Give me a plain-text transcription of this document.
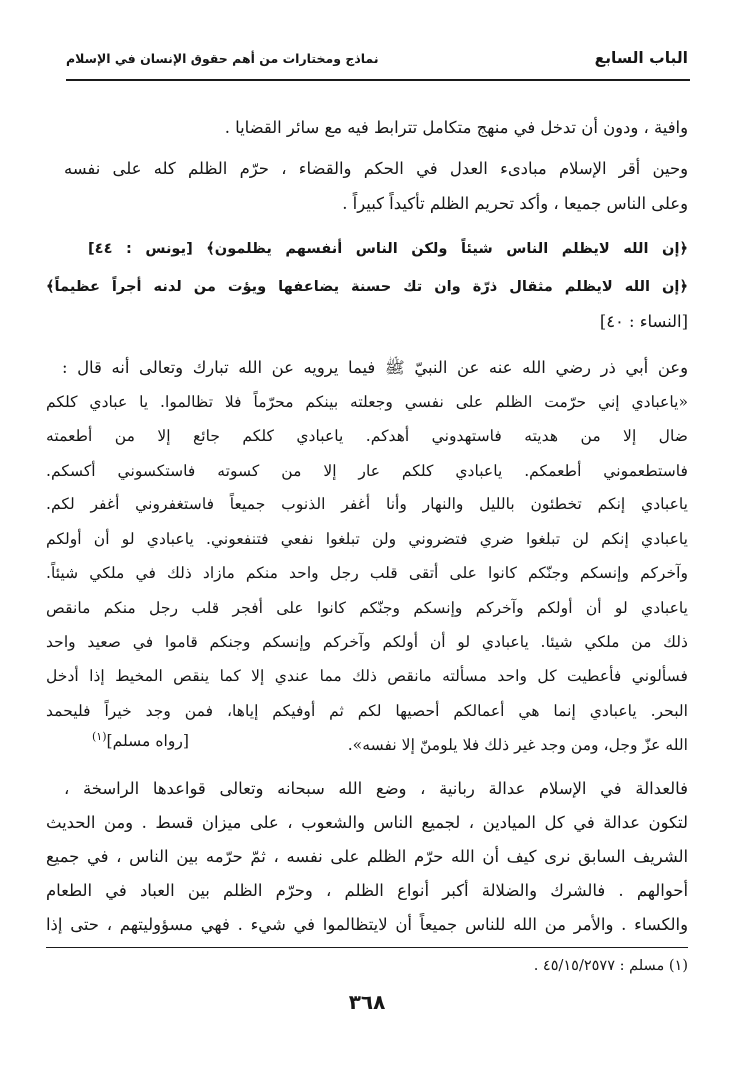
الباب السابع
نماذج ومختارات من أهم حقوق الإنسان في الإسلام
وافية ، ودون أن تدخل في منهج متكامل تترابط فيه مع سائر القضايا .
وحين أقر الإسلام مبادىء العدل في الحكم والقضاء ، حرّم الظلم كله على نفسه
وعلى الناس جميعا ، وأكد تحريم الظلم تأكيداً كبيراً .
﴿إن الله لايظلم الناس شيئاً ولكن الناس أنفسهم يظلمون﴾ [يونس : ٤٤]
﴿إن الله لايظلم مثقال ذرّة وان تك حسنة يضاعفها ويؤت من لدنه أجراً عظيماً﴾
[النساء : ٤٠]
وعن أبي ذر رضي الله عنه عن النبيّ ﷺ فيما يرويه عن الله تبارك وتعالى أنه قال :
«ياعبادي إني حرّمت الظلم على نفسي وجعلته بينكم محرّماً فلا تظالموا. يا عبادي كلكم
ضال إلا من هديته فاستهدوني أهدكم. ياعبادي كلكم جائع إلا من أطعمته
فاستطعموني أطعمكم. ياعبادي كلكم عار إلا من كسوته فاستكسوني أكسكم.
ياعبادي إنكم تخطئون بالليل والنهار وأنا أغفر الذنوب جميعاً فاستغفروني أغفر لكم.
ياعبادي إنكم لن تبلغوا ضري فتضروني ولن تبلغوا نفعي فتنفعوني. ياعبادي لو أن أولكم
وآخركم وإنسكم وجنّكم كانوا على أتقى قلب رجل واحد منكم مازاد ذلك في ملكي شيئاً.
ياعبادي لو أن أولكم وآخركم وإنسكم وجنّكم كانوا على أفجر قلب رجل منكم مانقص
ذلك من ملكي شيئا. ياعبادي لو أن أولكم وآخركم وإنسكم وجنكم قاموا في صعيد واحد
فسألوني فأعطيت كل واحد مسألته مانقص ذلك مما عندي إلا كما ينقص المخيط إذا أدخل
البحر. ياعبادي إنما هي أعمالكم أحصيها لكم ثم أوفيكم إياها، فمن وجد خيراً فليحمد
الله عزّ وجل، ومن وجد غير ذلك فلا يلومنّ إلا نفسه».
[رواه مسلم]$^{(١)}$
فالعدالة في الإسلام عدالة ربانية ، وضع الله سبحانه وتعالى قواعدها الراسخة ،
لتكون عدالة في كل الميادين ، لجميع الناس والشعوب ، على ميزان قسط . ومن الحديث
الشريف السابق نرى كيف أن الله حرّم الظلم على نفسه ، ثمّ حرّمه بين الناس ، في جميع
أحوالهم . فالشرك والضلالة أكبر أنواع الظلم ، وحرّم الظلم بين العباد في الطعام
والكساء . والأمر من الله للناس جميعاً أن لايتظالموا في شيء . فهي مسؤوليتهم ، حتى إذا
(١) مسلم : ٤٥/١٥/٢٥٧٧ .
٣٦٨
